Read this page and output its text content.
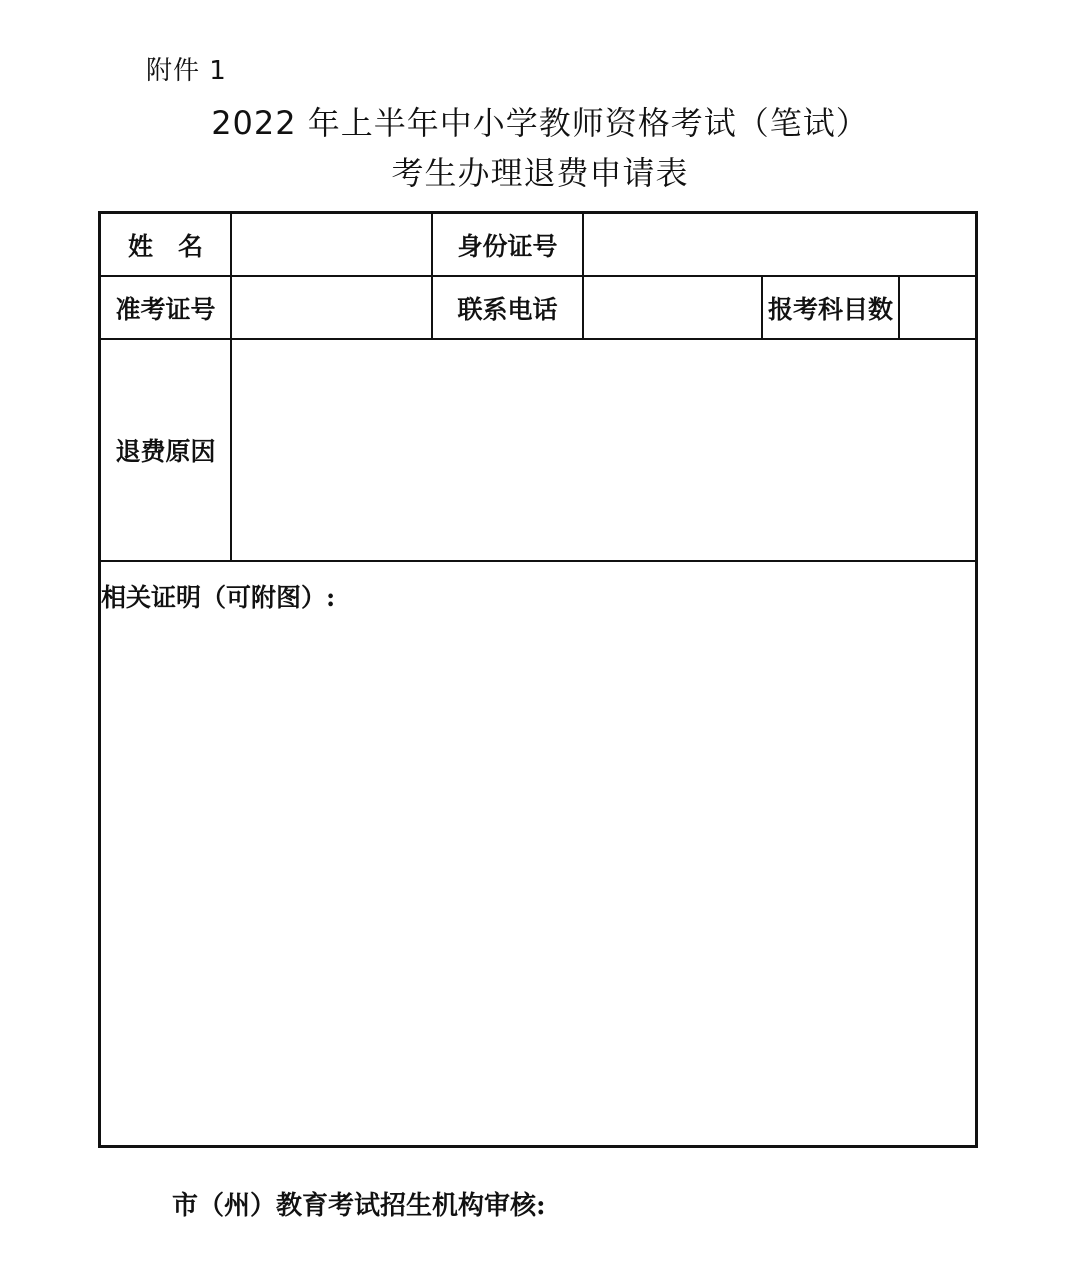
附件 1
2022 年上半年中小学教师资格考试（笔试）
考生办理退费申请表
姓　名	身份证号
准考证号	联系电话	报考科目数
退费原因
相关证明（可附图）:
市（州）教育考试招生机构审核:
